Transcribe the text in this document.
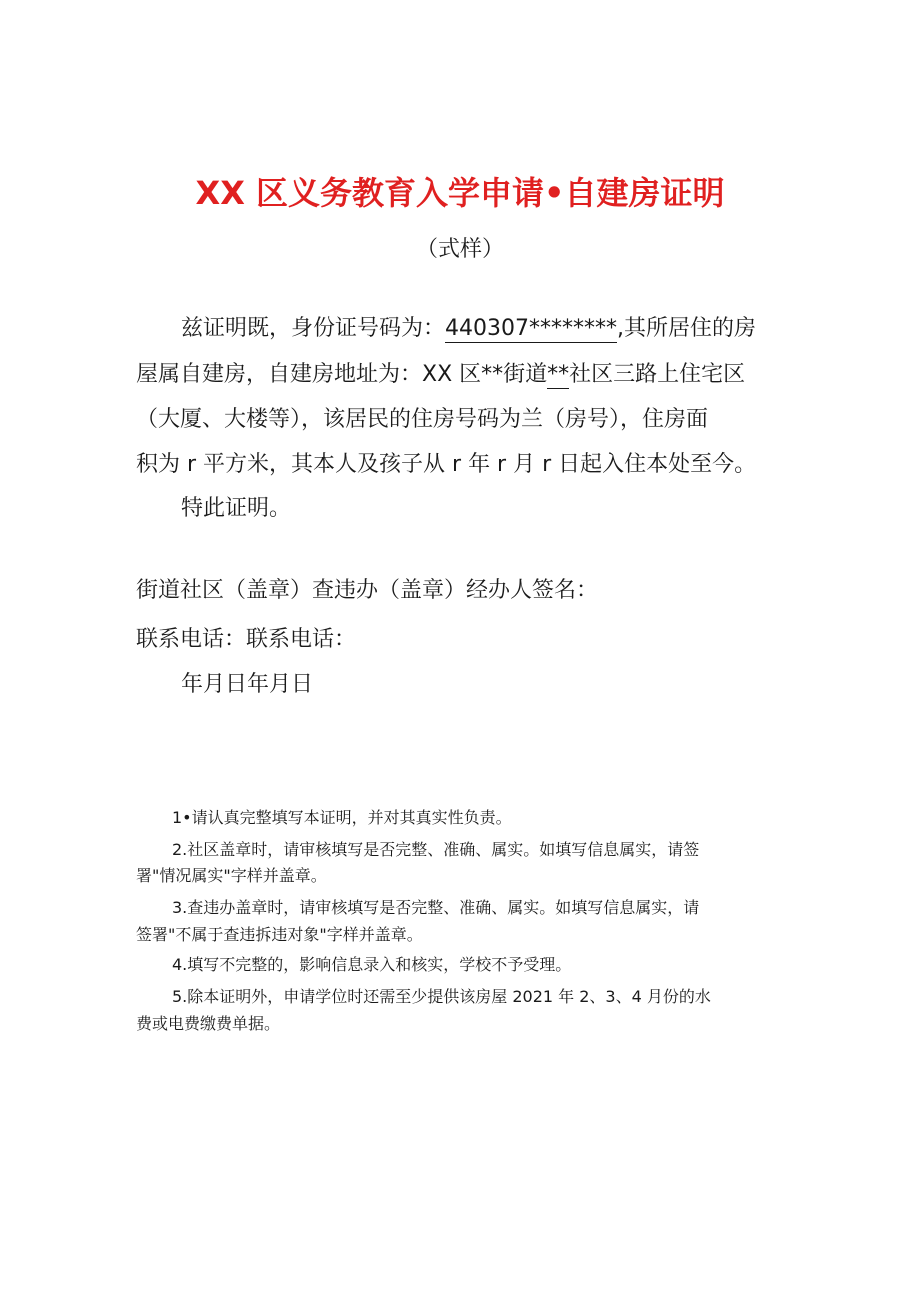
XX 区义务教育入学申请•自建房证明
（式样）
兹证明既，身份证号码为：440307********,其所居住的房
屋属自建房，自建房地址为：XX 区**街道**社区三路上住宅区
（大厦、大楼等），该居民的住房号码为兰（房号），住房面
积为 r 平方米，其本人及孩子从 r 年 r 月 r 日起入住本处至今。
特此证明。
街道社区（盖章）查违办（盖章）经办人签名：
联系电话：联系电话：
年月日年月日
1•请认真完整填写本证明，并对其真实性负责。
2.社区盖章时，请审核填写是否完整、准确、属实。如填写信息属实，请签
署"情况属实"字样并盖章。
3.查违办盖章时，请审核填写是否完整、准确、属实。如填写信息属实，请
签署"不属于查违拆违对象"字样并盖章。
4.填写不完整的，影响信息录入和核实，学校不予受理。
5.除本证明外，申请学位时还需至少提供该房屋 2021 年 2、3、4 月份的水
费或电费缴费单据。
